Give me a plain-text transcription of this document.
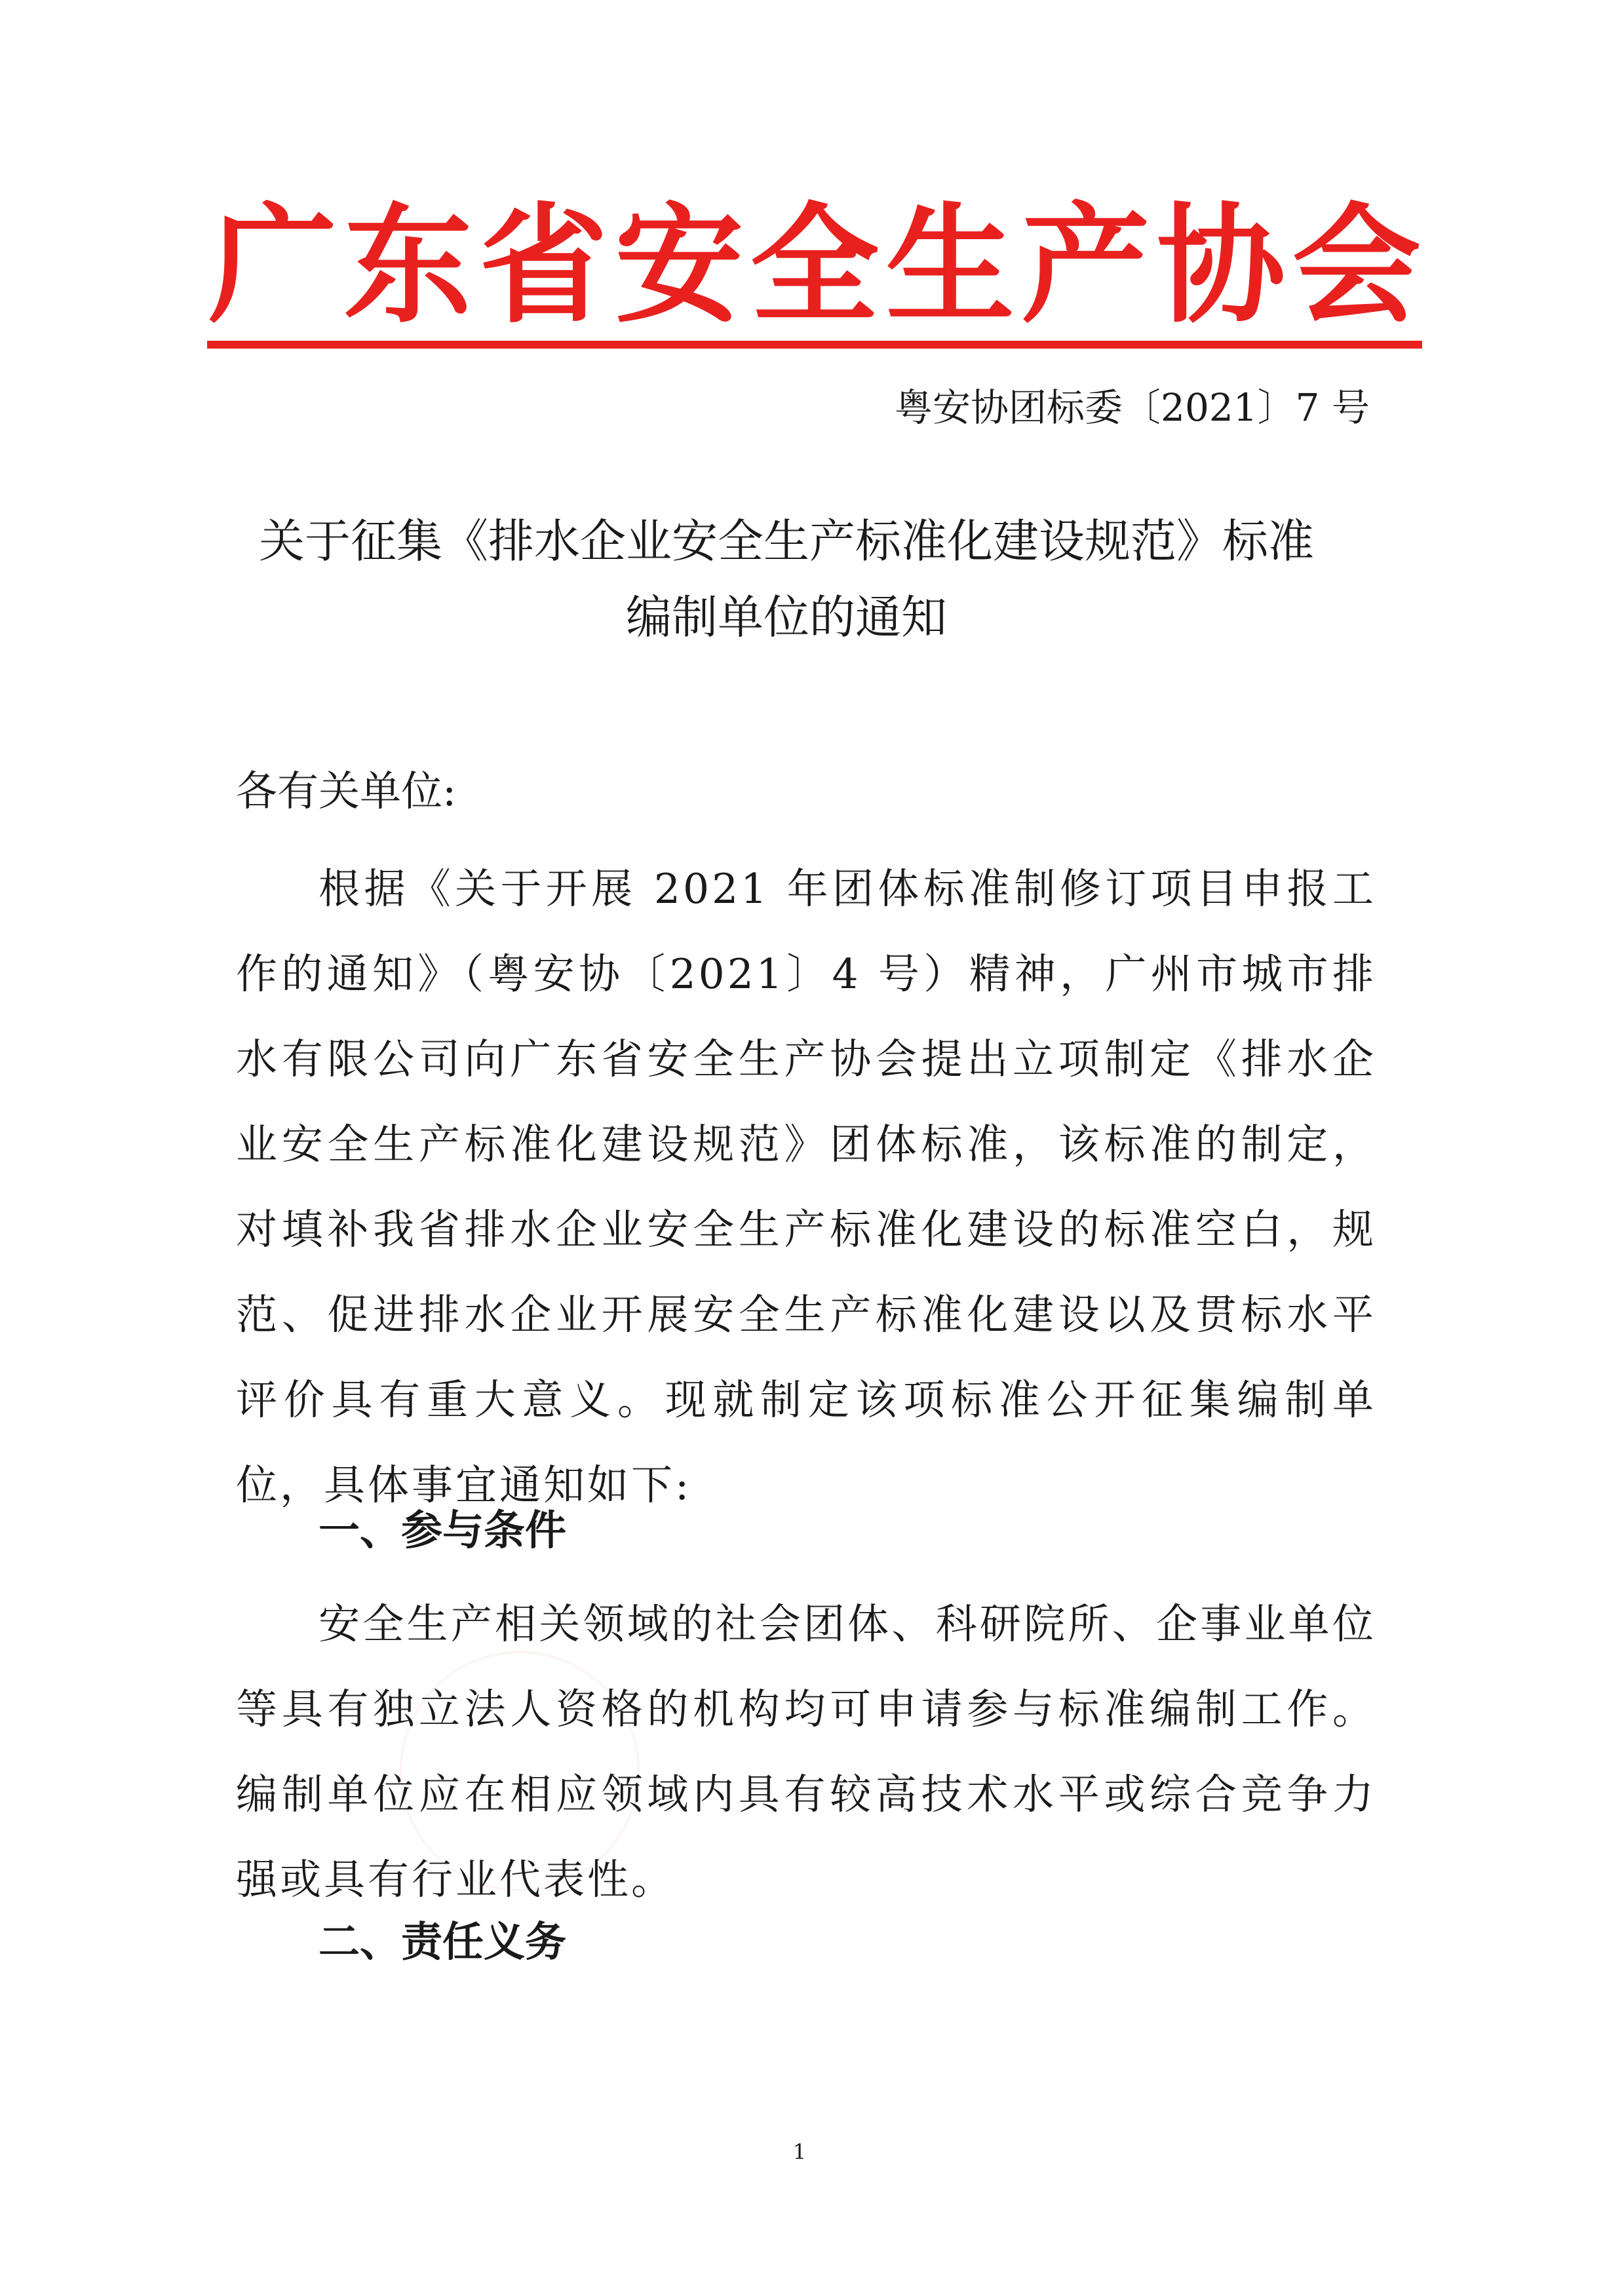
广 东 省 安 全 生 产 协 会
粤安协团标委〔2021〕7 号
关于征集《排水企业安全生产标准化建设规范》标准
编制单位的通知
各有关单位:
根据《关于开展 2021 年团体标准制修订项目申报工作的通知》（粤安协〔2021〕4 号）精神，广州市城市排水有限公司向广东省安全生产协会提出立项制定《排水企业安全生产标准化建设规范》团体标准，该标准的制定，对填补我省排水企业安全生产标准化建设的标准空白，规范、促进排水企业开展安全生产标准化建设以及贯标水平评价具有重大意义。现就制定该项标准公开征集编制单位，具体事宜通知如下:
一、参与条件
安全生产相关领域的社会团体、科研院所、企事业单位等具有独立法人资格的机构均可申请参与标准编制工作。编制单位应在相应领域内具有较高技术水平或综合竞争力强或具有行业代表性。
二、责任义务
1
